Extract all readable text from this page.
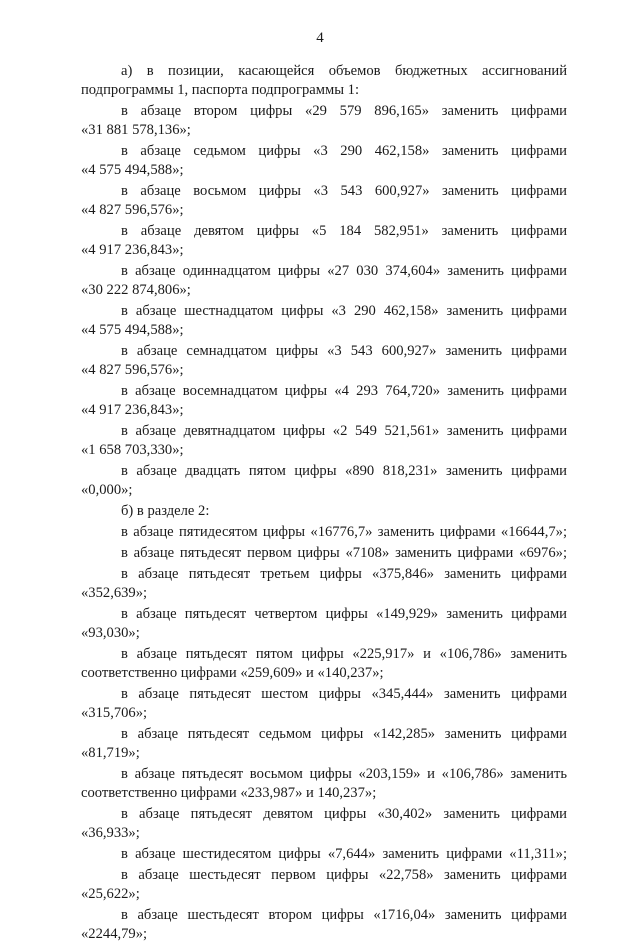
4
а) в позиции, касающейся объемов бюджетных ассигнований
подпрограммы 1, паспорта подпрограммы 1:
в абзаце втором цифры «29 579 896,165» заменить цифрами
«31 881 578,136»;
в абзаце седьмом цифры «3 290 462,158» заменить цифрами
«4 575 494,588»;
в абзаце восьмом цифры «3 543 600,927» заменить цифрами
«4 827 596,576»;
в абзаце девятом цифры «5 184 582,951» заменить цифрами
«4 917 236,843»;
в абзаце одиннадцатом цифры «27 030 374,604» заменить цифрами
«30 222 874,806»;
в абзаце шестнадцатом цифры «3 290 462,158» заменить цифрами
«4 575 494,588»;
в абзаце семнадцатом цифры «3 543 600,927» заменить цифрами
«4 827 596,576»;
в абзаце восемнадцатом цифры «4 293 764,720» заменить цифрами
«4 917 236,843»;
в абзаце девятнадцатом цифры «2 549 521,561» заменить цифрами
«1 658 703,330»;
в абзаце двадцать пятом цифры «890 818,231» заменить цифрами
«0,000»;
б) в разделе 2:
в абзаце пятидесятом цифры «16776,7» заменить цифрами «16644,7»;
в абзаце пятьдесят первом цифры «7108» заменить цифрами «6976»;
в абзаце пятьдесят третьем цифры «375,846» заменить цифрами
«352,639»;
в абзаце пятьдесят четвертом цифры «149,929» заменить цифрами
«93,030»;
в абзаце пятьдесят пятом цифры «225,917» и «106,786» заменить
соответственно цифрами «259,609» и «140,237»;
в абзаце пятьдесят шестом цифры «345,444» заменить цифрами
«315,706»;
в абзаце пятьдесят седьмом цифры «142,285» заменить цифрами
«81,719»;
в абзаце пятьдесят восьмом цифры «203,159» и «106,786» заменить
соответственно цифрами «233,987» и 140,237»;
в абзаце пятьдесят девятом цифры «30,402» заменить цифрами
«36,933»;
в абзаце шестидесятом цифры «7,644» заменить цифрами «11,311»;
в абзаце шестьдесят первом цифры «22,758» заменить цифрами
«25,622»;
в абзаце шестьдесят втором цифры «1716,04» заменить цифрами
«2244,79»;
